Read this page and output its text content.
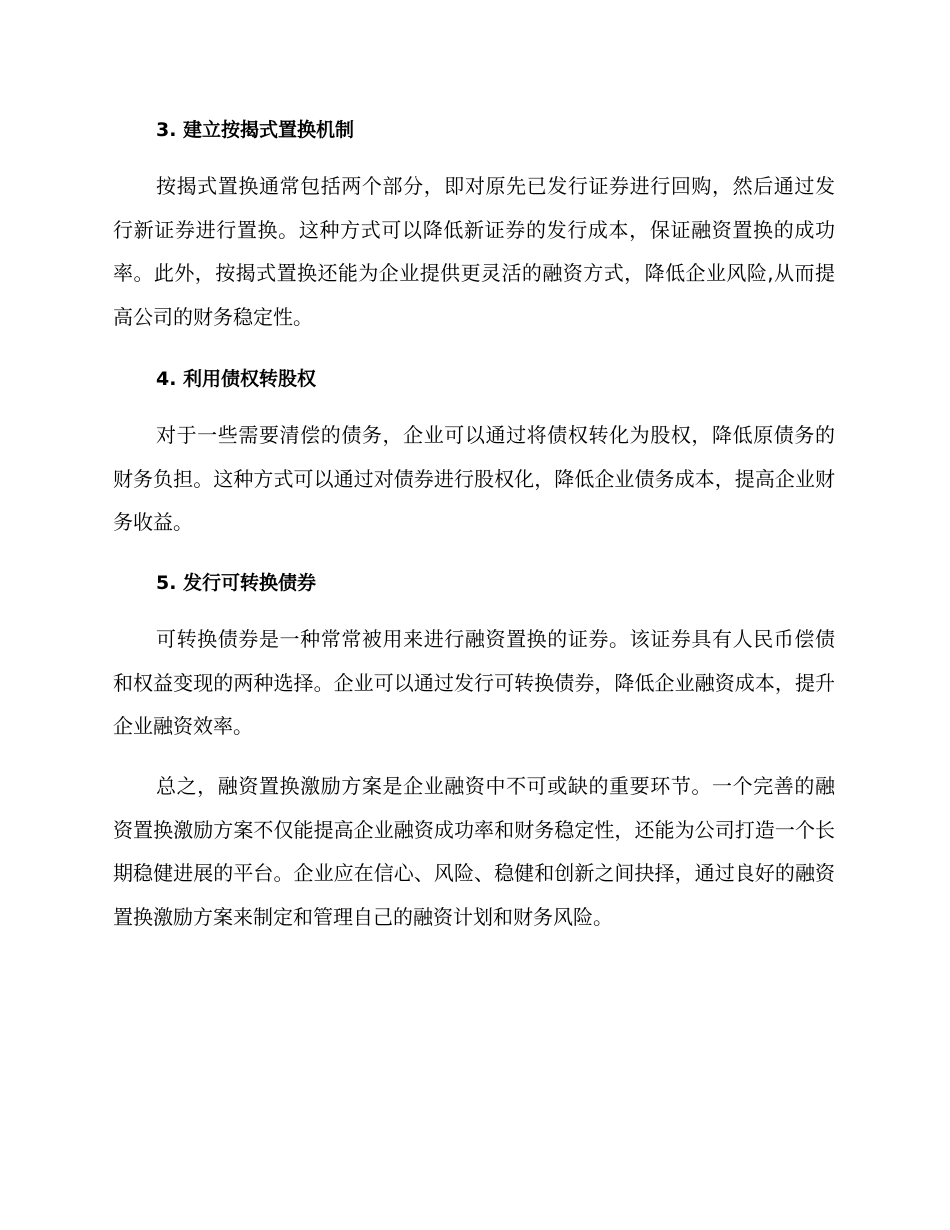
3. 建立按揭式置换机制
按揭式置换通常包括两个部分，即对原先已发行证券进行回购，然后通过发行新证券进行置换。这种方式可以降低新证券的发行成本，保证融资置换的成功率。此外，按揭式置换还能为企业提供更灵活的融资方式，降低企业风险,从而提高公司的财务稳定性。
4. 利用债权转股权
对于一些需要清偿的债务，企业可以通过将债权转化为股权，降低原债务的财务负担。这种方式可以通过对债券进行股权化，降低企业债务成本，提高企业财务收益。
5. 发行可转换债券
可转换债券是一种常常被用来进行融资置换的证券。该证券具有人民币偿债和权益变现的两种选择。企业可以通过发行可转换债券，降低企业融资成本，提升企业融资效率。
总之，融资置换激励方案是企业融资中不可或缺的重要环节。一个完善的融资置换激励方案不仅能提高企业融资成功率和财务稳定性，还能为公司打造一个长期稳健进展的平台。企业应在信心、风险、稳健和创新之间抉择，通过良好的融资置换激励方案来制定和管理自己的融资计划和财务风险。
